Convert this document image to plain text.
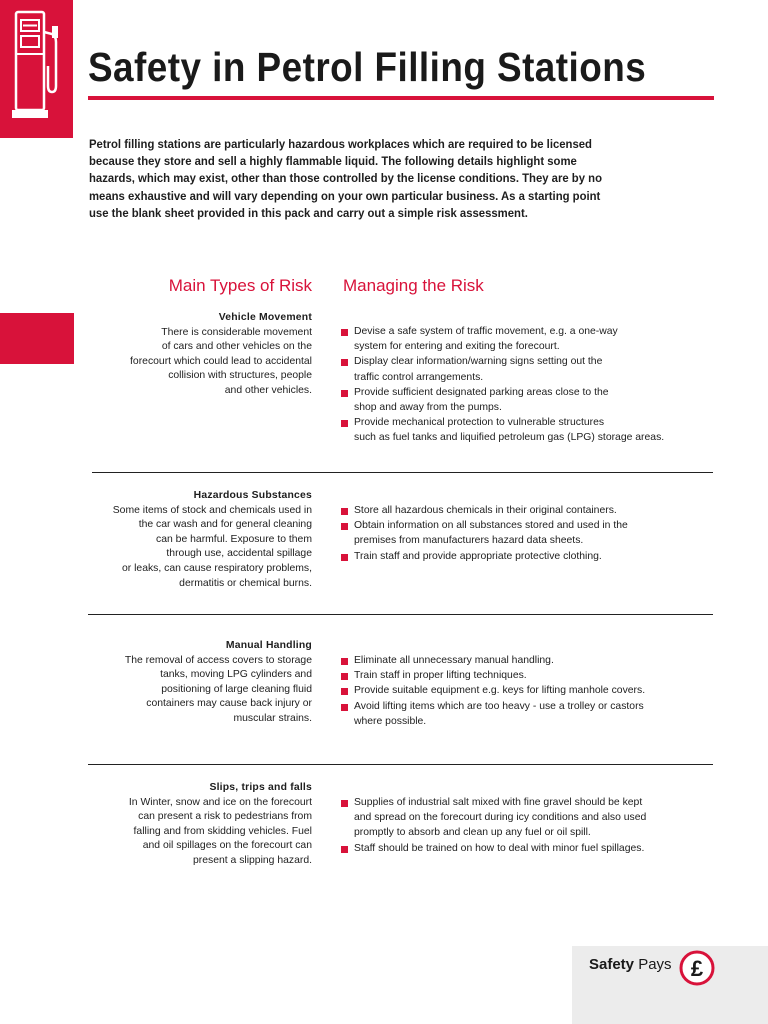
Safety in Petrol Filling Stations

Petrol filling stations are particularly hazardous workplaces which are required to be licensed

because they store and sell a highly flammable liquid. The following details highlight some

hazards, which may exist, other than those controlled by the license conditions. They are by no

means exhaustive and will vary depending on your own particular business. As a starting point

use the blank sheet provided in this pack and carry out a simple risk assessment.

Main Types of Risk Managing the Risk
Vehicle Movement
There is considerable movement
of cars and other vehicles on the
forecourt which could lead to accidental
collision with structures, people
and other vehicles.
Devise a safe system of traffic movement, e.g. a one-way
system for entering and exiting the forecourt.
Display clear information/warning signs setting out the
traffic control arrangements.
Provide sufficient designated parking areas close to the
shop and away from the pumps.
Provide mechanical protection to vulnerable structures
such as fuel tanks and liquified petroleum gas (LPG) storage areas.
Hazardous Substances
Some items of stock and chemicals used in
the car wash and for general cleaning
can be harmful. Exposure to them
through use, accidental spillage
or leaks, can cause respiratory problems,
dermatitis or chemical burns.
Store all hazardous chemicals in their original containers.
Obtain information on all substances stored and used in the
premises from manufacturers hazard data sheets.
Train staff and provide appropriate protective clothing.
Manual Handling
The removal of access covers to storage
tanks, moving LPG cylinders and
positioning of large cleaning fluid
containers may cause back injury or
muscular strains.
Eliminate all unnecessary manual handling.
Train staff in proper lifting techniques.
Provide suitable equipment e.g. keys for lifting manhole covers.
Avoid lifting items which are too heavy - use a trolley or castors
where possible.
Slips, trips and falls
In Winter, snow and ice on the forecourt
can present a risk to pedestrians from
falling and from skidding vehicles. Fuel
and oil spillages on the forecourt can
present a slipping hazard.
Supplies of industrial salt mixed with fine gravel should be kept
and spread on the forecourt during icy conditions and also used
promptly to absorb and clean up any fuel or oil spill.
Staff should be trained on how to deal with minor fuel spillages.
Safety Pays £
